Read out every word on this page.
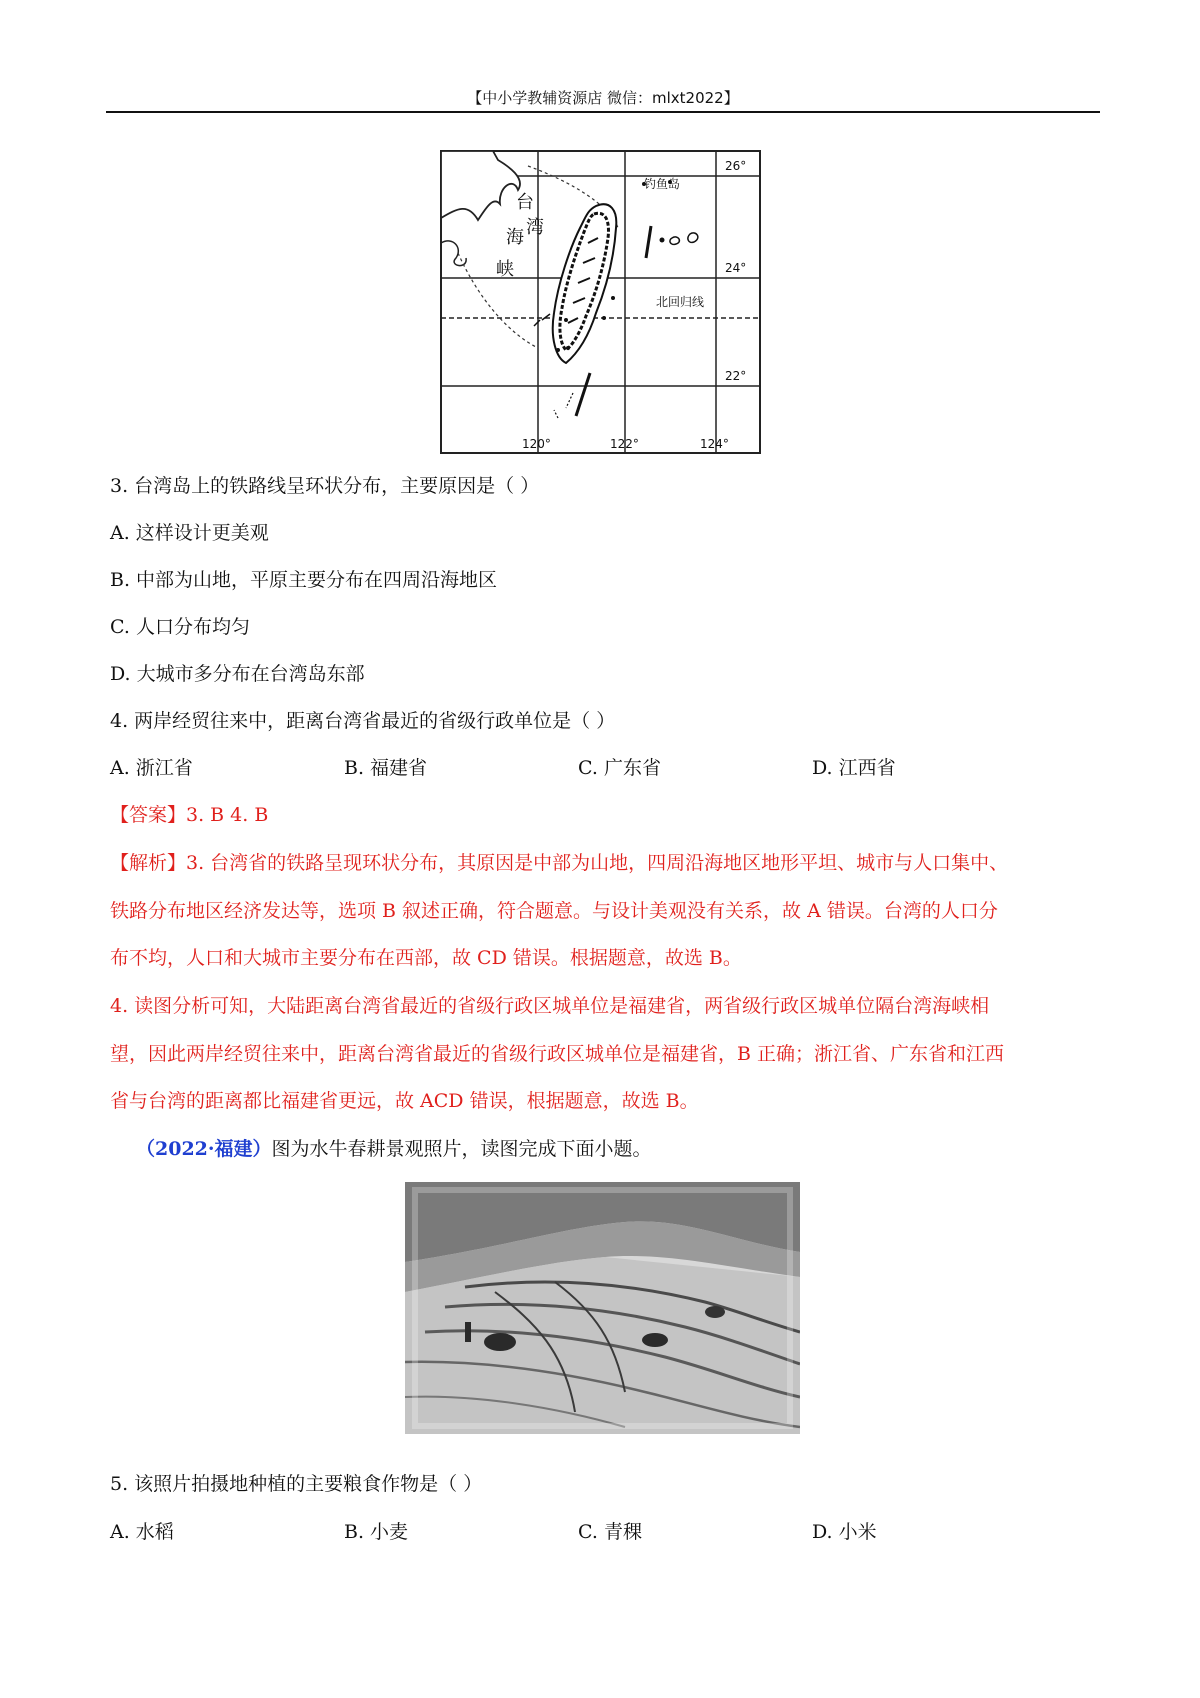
【中小学教辅资源店 微信：mlxt2022】
台
湾
海
峡
钓鱼岛
北回归线
26°
24°
22°
120°	122°	124°
3. 台湾岛上的铁路线呈环状分布，主要原因是（ ）
A. 这样设计更美观
B. 中部为山地，平原主要分布在四周沿海地区
C. 人口分布均匀
D. 大城市多分布在台湾岛东部
4. 两岸经贸往来中，距离台湾省最近的省级行政单位是（ ）
A. 浙江省	B. 福建省	C. 广东省	D. 江西省
【答案】3. B 4. B
【解析】3. 台湾省的铁路呈现环状分布，其原因是中部为山地，四周沿海地区地形平坦、城市与人口集中、
铁路分布地区经济发达等，选项 B 叙述正确，符合题意。与设计美观没有关系，故 A 错误。台湾的人口分
布不均，人口和大城市主要分布在西部，故 CD 错误。根据题意，故选 B。
4. 读图分析可知，大陆距离台湾省最近的省级行政区城单位是福建省，两省级行政区城单位隔台湾海峡相
望，因此两岸经贸往来中，距离台湾省最近的省级行政区城单位是福建省，B 正确；浙江省、广东省和江西
省与台湾的距离都比福建省更远，故 ACD 错误，根据题意，故选 B。
（2022·福建）图为水牛春耕景观照片，读图完成下面小题。
5. 该照片拍摄地种植的主要粮食作物是（ ）
A. 水稻	B. 小麦	C. 青稞	D. 小米
